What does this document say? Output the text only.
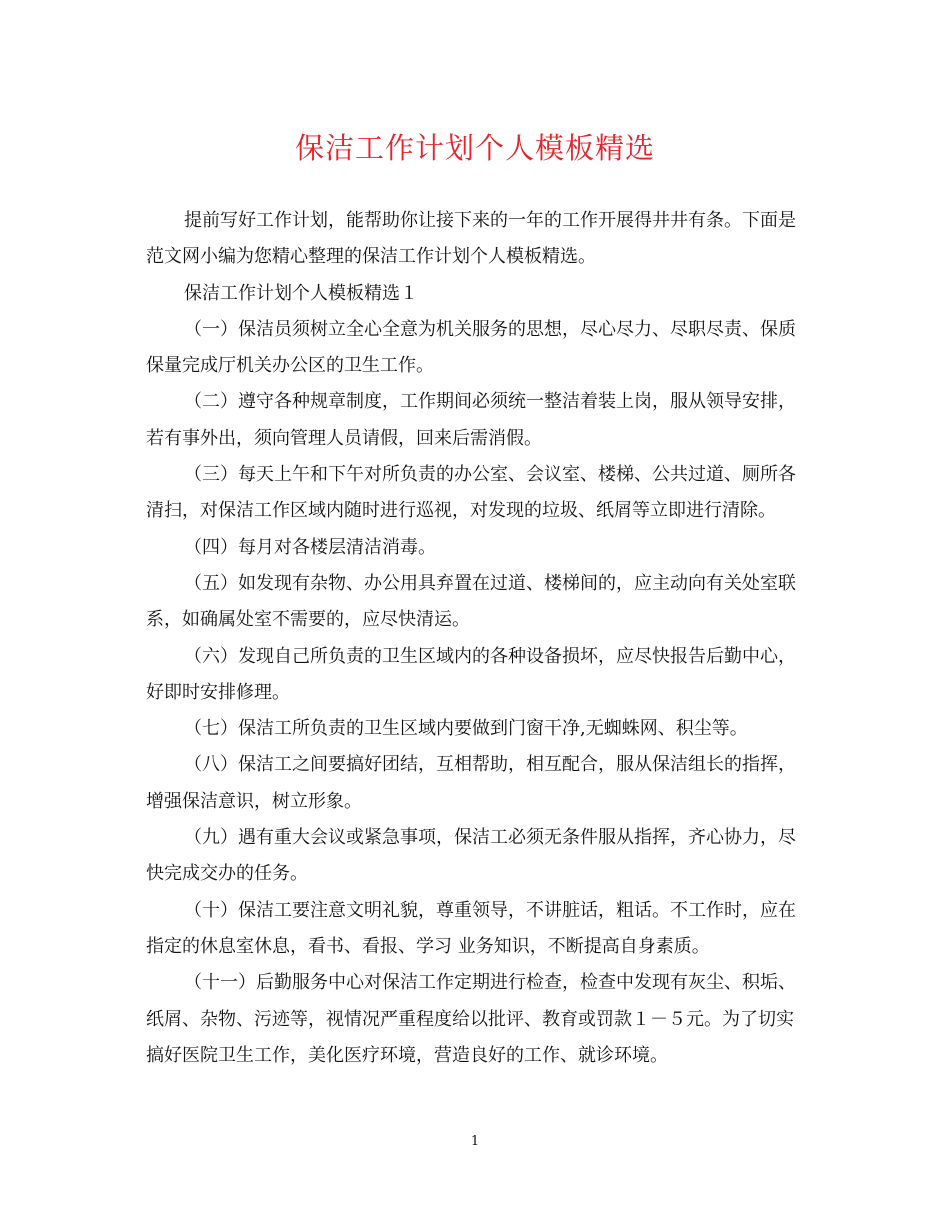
保洁工作计划个人模板精选

提前写好工作计划，能帮助你让接下来的一年的工作开展得井井有条。下面是范文网小编为您精心整理的保洁工作计划个人模板精选。

保洁工作计划个人模板精选１

（一）保洁员须树立全心全意为机关服务的思想，尽心尽力、尽职尽责、保质保量完成厅机关办公区的卫生工作。

（二）遵守各种规章制度，工作期间必须统一整洁着装上岗，服从领导安排，若有事外出，须向管理人员请假，回来后需消假。

（三）每天上午和下午对所负责的办公室、会议室、楼梯、公共过道、厕所各清扫，对保洁工作区域内随时进行巡视，对发现的垃圾、纸屑等立即进行清除。

（四）每月对各楼层清洁消毒。

（五）如发现有杂物、办公用具弃置在过道、楼梯间的，应主动向有关处室联系，如确属处室不需要的，应尽快清运。

（六）发现自己所负责的卫生区域内的各种设备损坏，应尽快报告后勤中心，好即时安排修理。

（七）保洁工所负责的卫生区域内要做到门窗干净,无蜘蛛网、积尘等。

（八）保洁工之间要搞好团结，互相帮助，相互配合，服从保洁组长的指挥，增强保洁意识，树立形象。

（九）遇有重大会议或紧急事项，保洁工必须无条件服从指挥，齐心协力，尽快完成交办的任务。

（十）保洁工要注意文明礼貌，尊重领导，不讲脏话，粗话。不工作时，应在指定的休息室休息，看书、看报、学习 业务知识，不断提高自身素质。

（十一）后勤服务中心对保洁工作定期进行检查，检查中发现有灰尘、积垢、纸屑、杂物、污迹等，视情况严重程度给以批评、教育或罚款１－５元。为了切实搞好医院卫生工作，美化医疗环境，营造良好的工作、就诊环境。

1
